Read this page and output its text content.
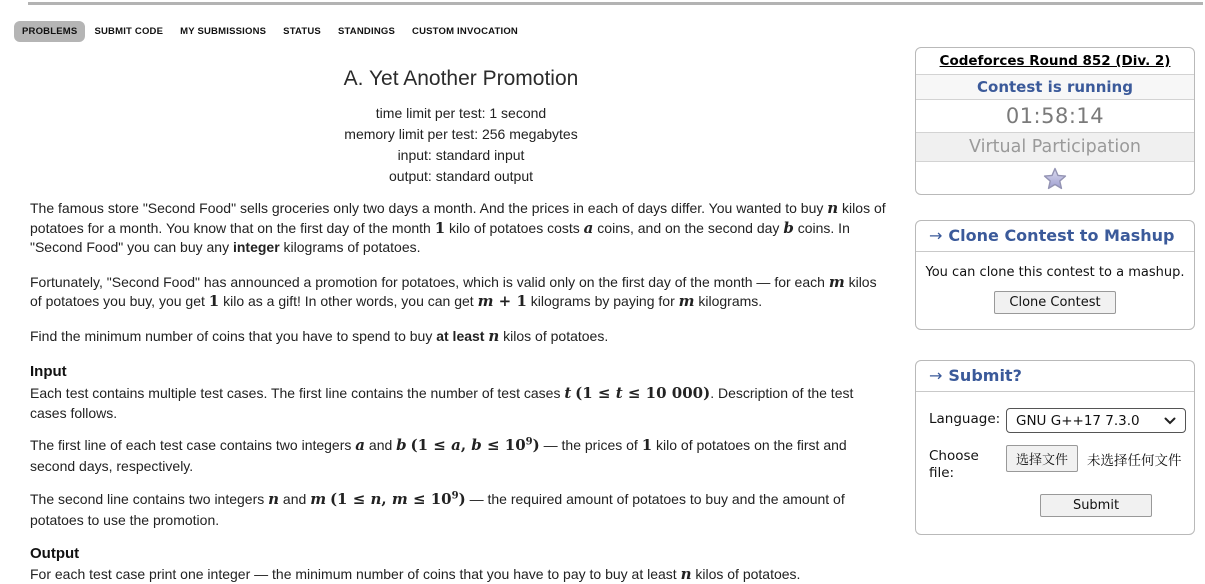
PROBLEMS	SUBMIT CODE	MY SUBMISSIONS	STATUS	STANDINGS	CUSTOM INVOCATION
A. Yet Another Promotion
time limit per test: 1 second
memory limit per test: 256 megabytes
input: standard input
output: standard output

The famous store "Second Food" sells groceries only two days a month. And the prices in each of days differ. You wanted to buy n kilos of potatoes for a month. You know that on the first day of the month 1 kilo of potatoes costs a coins, and on the second day b coins. In "Second Food" you can buy any integer kilograms of potatoes.

Fortunately, "Second Food" has announced a promotion for potatoes, which is valid only on the first day of the month — for each m kilos of potatoes you buy, you get 1 kilo as a gift! In other words, you can get m + 1 kilograms by paying for m kilograms.

Find the minimum number of coins that you have to spend to buy at least n kilos of potatoes.

Input

Each test contains multiple test cases. The first line contains the number of test cases t (1 ≤ t ≤ 10 000). Description of the test cases follows.

The first line of each test case contains two integers a and b (1 ≤ a, $b \le 10^9$) — the prices of 1 kilo of potatoes on the first and second days, respectively.

The second line contains two integers n and m (1 ≤ n, $m \le 10^9$) — the required amount of potatoes to buy and the amount of potatoes to use the promotion.

Output

For each test case print one integer — the minimum number of coins that you have to pay to buy at least n kilos of potatoes.

Codeforces Round 852 (Div. 2)
Contest is running
01:58:14
Virtual Participation
→ Clone Contest to Mashup
You can clone this contest to a mashup.
Clone Contest
→ Submit?
Language:	GNU G++17 7.3.0
Choose file:
选择文件	未选择任何文件
Submit
